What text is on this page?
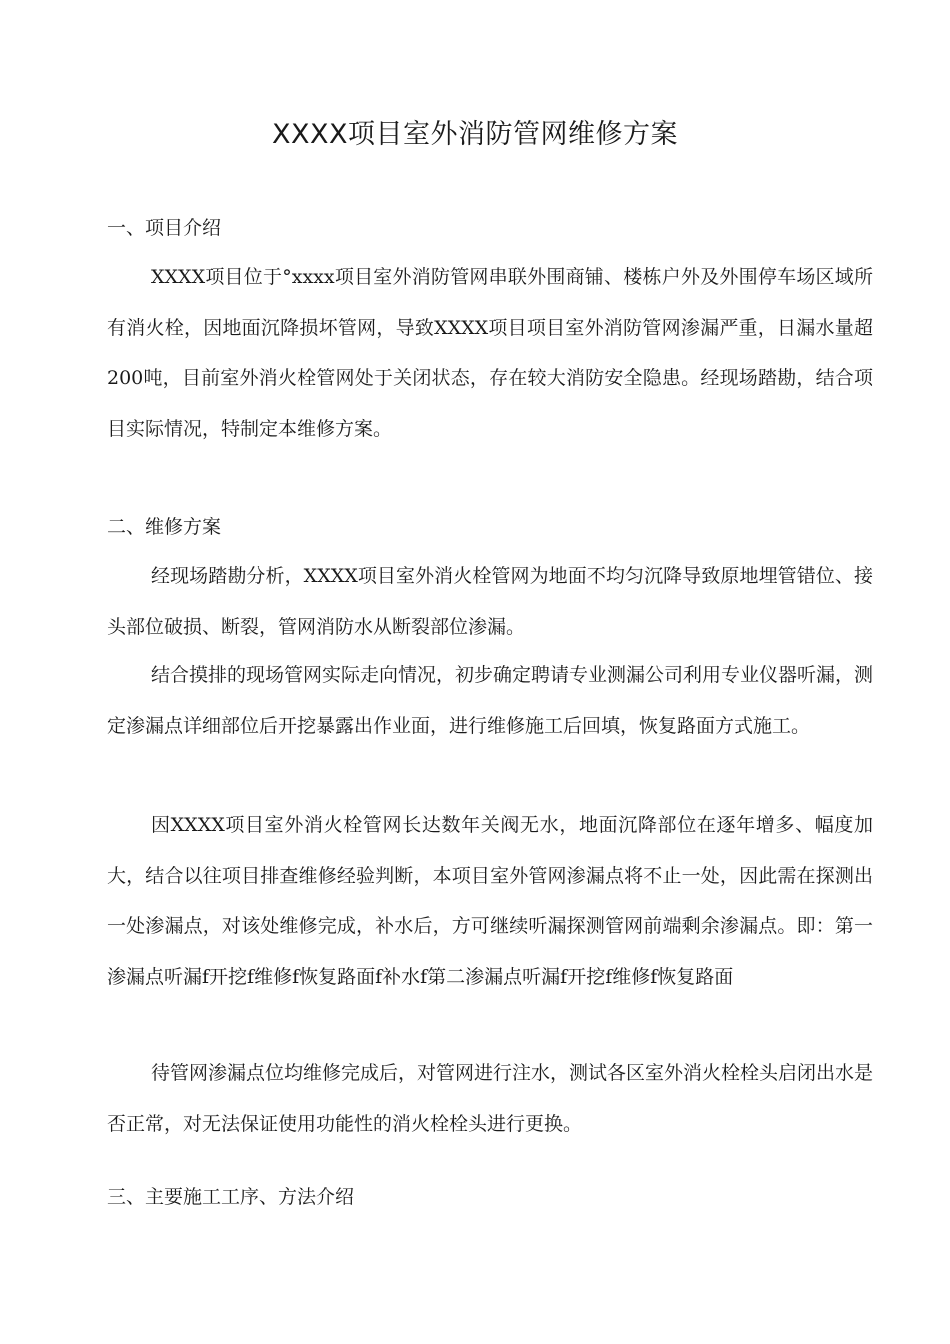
XXXX项目室外消防管网维修方案
一、项目介绍

XXXX项目位于°xxxx项目室外消防管网串联外围商铺、楼栋户外及外围停车场区域所有消火栓，因地面沉降损坏管网，导致XXXX项目项目室外消防管网渗漏严重，日漏水量超200吨，目前室外消火栓管网处于关闭状态，存在较大消防安全隐患。经现场踏勘，结合项目实际情况，特制定本维修方案。

二、维修方案

经现场踏勘分析，XXXX项目室外消火栓管网为地面不均匀沉降导致原地埋管错位、接头部位破损、断裂，管网消防水从断裂部位渗漏。

结合摸排的现场管网实际走向情况，初步确定聘请专业测漏公司利用专业仪器听漏，测定渗漏点详细部位后开挖暴露出作业面，进行维修施工后回填，恢复路面方式施工。

因XXXX项目室外消火栓管网长达数年关阀无水，地面沉降部位在逐年增多、幅度加大，结合以往项目排查维修经验判断，本项目室外管网渗漏点将不止一处，因此需在探测出一处渗漏点，对该处维修完成，补水后，方可继续听漏探测管网前端剩余渗漏点。即：第一渗漏点听漏f开挖f维修f恢复路面f补水f第二渗漏点听漏f开挖f维修f恢复路面

待管网渗漏点位均维修完成后，对管网进行注水，测试各区室外消火栓栓头启闭出水是否正常，对无法保证使用功能性的消火栓栓头进行更换。

三、主要施工工序、方法介绍
